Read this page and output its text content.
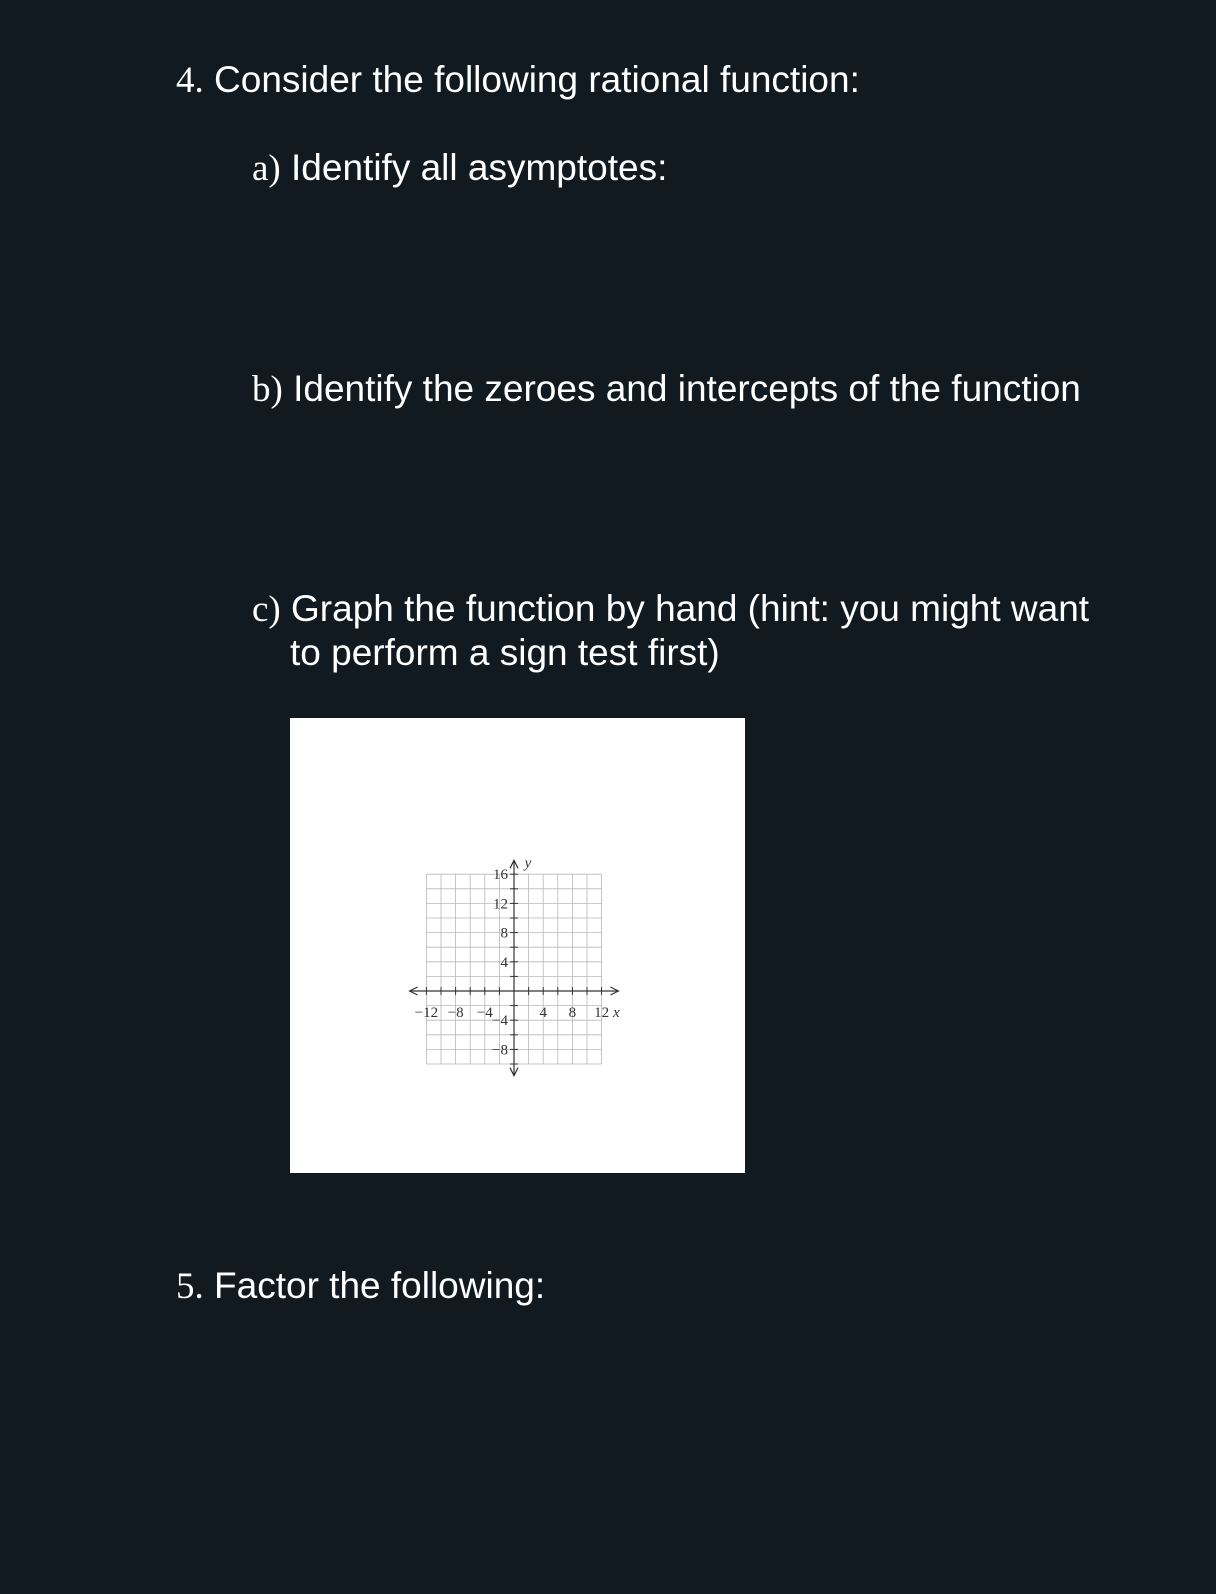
4. Consider the following rational function:
a) Identify all asymptotes:
b) Identify the zeroes and intercepts of the function
c) Graph the function by hand (hint: you might want
to perform a sign test first)
−12 −8 −4	4 8 12
16
12
8
4
−4
−8
x
y
5. Factor the following:
